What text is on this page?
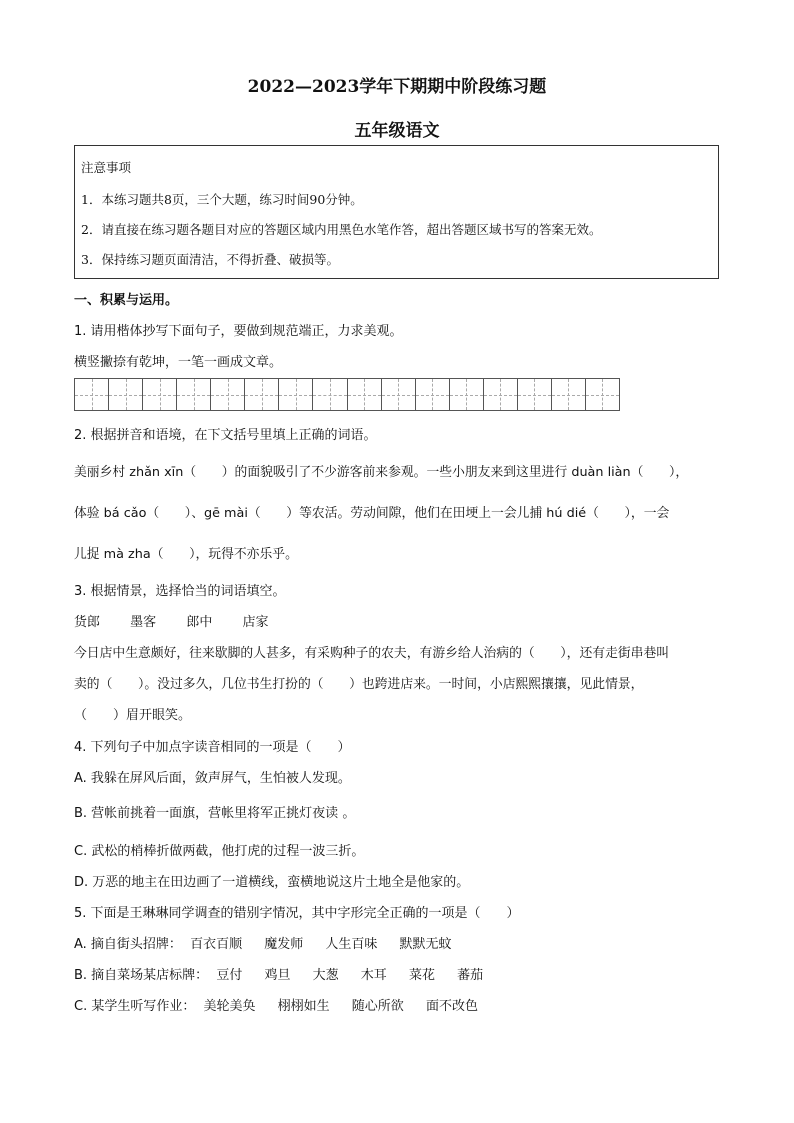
2022—2023学年下期期中阶段练习题
五年级语文
注意事项
1．本练习题共8页，三个大题，练习时间90分钟。
2．请直接在练习题各题目对应的答题区域内用黑色水笔作答，超出答题区域书写的答案无效。
3．保持练习题页面清洁，不得折叠、破损等。
一、积累与运用。
1. 请用楷体抄写下面句子，要做到规范端正，力求美观。
横竖撇捺有乾坤，一笔一画成文章。
2. 根据拼音和语境，在下文括号里填上正确的词语。
美丽乡村 zhǎn xīn（　　）的面貌吸引了不少游客前来参观。一些小朋友来到这里进行 duàn liàn（　　），
体验 bá cǎo（　　）、gē mài（　　）等农活。劳动间隙，他们在田埂上一会儿捕 hú dié（　　），一会
儿捉 mà zha（　　），玩得不亦乐乎。
3. 根据情景，选择恰当的词语填空。
货郎 墨客 郎中 店家
今日店中生意颇好，往来歇脚的人甚多，有采购种子的农夫，有游乡给人治病的（　　），还有走街串巷叫
卖的（　　）。没过多久，几位书生打扮的（　　）也跨进店来。一时间，小店熙熙攘攘，见此情景，
（　　）眉开眼笑。
4. 下列句子中加点字读音相同的一项是（　　）
A. 我躲在屏风后面，敛声屏气，生怕被人发现。
B. 营帐前挑着一面旗，营帐里将军正挑灯夜读 。
C. 武松的梢棒折做两截，他打虎的过程一波三折。
D. 万恶的地主在田边画了一道横线，蛮横地说这片土地全是他家的。
5. 下面是王琳琳同学调查的错别字情况，其中字形完全正确的一项是（　　）
A. 摘自街头招牌： 百衣百顺 魔发师 人生百味 默默无蚊
B. 摘自菜场某店标牌： 豆付 鸡旦 大葱 木耳 菜花 蕃茄
C. 某学生听写作业： 美轮美奂 栩栩如生 随心所欲 面不改色
